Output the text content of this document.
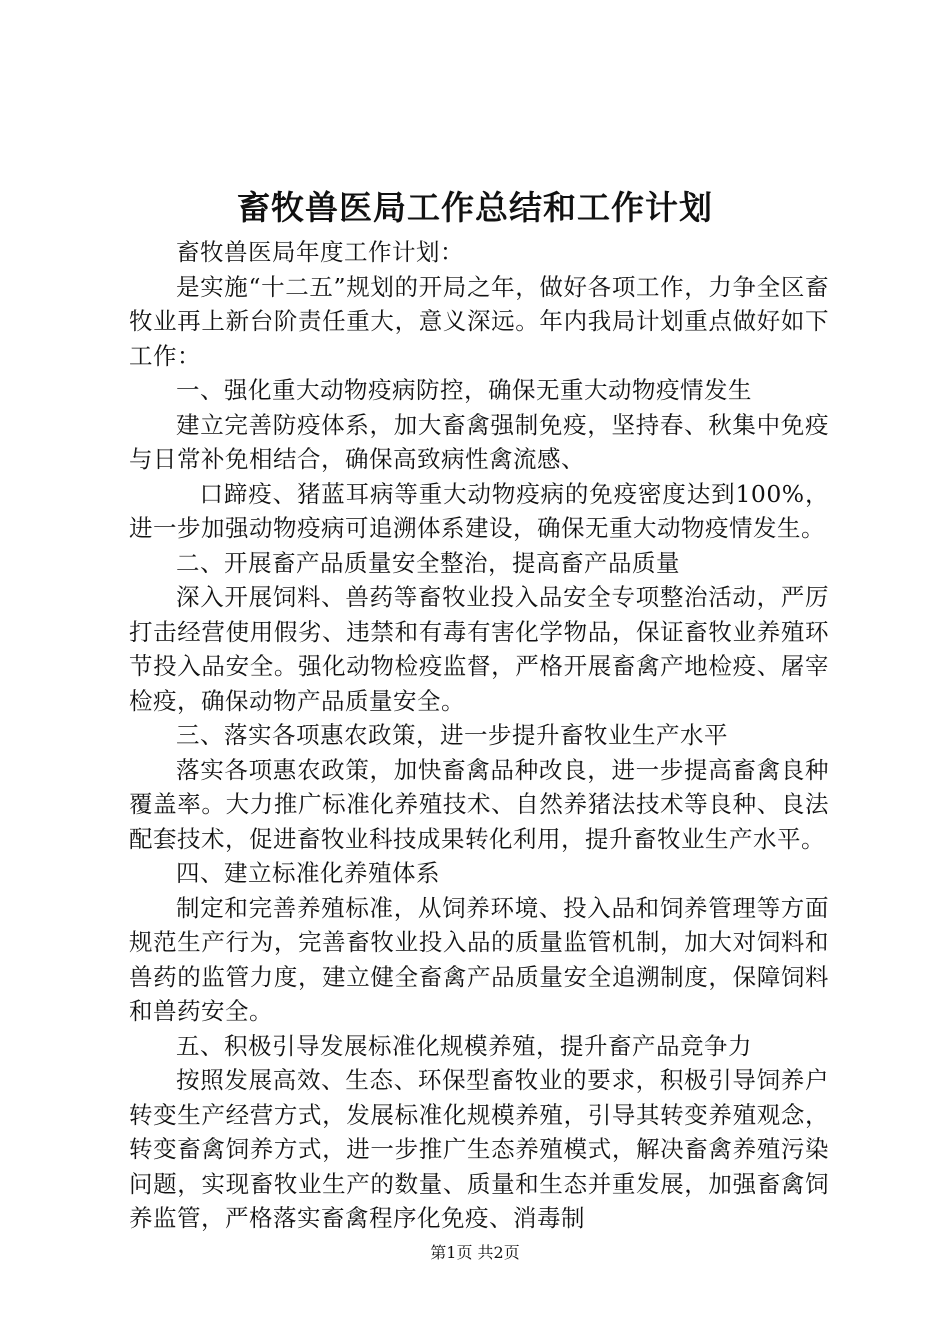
畜牧兽医局工作总结和工作计划

畜牧兽医局年度工作计划：

是实施“十二五”规划的开局之年，做好各项工作，力争全区畜牧业再上新台阶责任重大，意义深远。年内我局计划重点做好如下工作：

一、强化重大动物疫病防控，确保无重大动物疫情发生

建立完善防疫体系，加大畜禽强制免疫，坚持春、秋集中免疫与日常补免相结合，确保高致病性禽流感、

口蹄疫、猪蓝耳病等重大动物疫病的免疫密度达到100%，进一步加强动物疫病可追溯体系建设，确保无重大动物疫情发生。

二、开展畜产品质量安全整治，提高畜产品质量

深入开展饲料、兽药等畜牧业投入品安全专项整治活动，严厉打击经营使用假劣、违禁和有毒有害化学物品，保证畜牧业养殖环节投入品安全。强化动物检疫监督，严格开展畜禽产地检疫、屠宰检疫，确保动物产品质量安全。

三、落实各项惠农政策，进一步提升畜牧业生产水平

落实各项惠农政策，加快畜禽品种改良，进一步提高畜禽良种覆盖率。大力推广标准化养殖技术、自然养猪法技术等良种、良法配套技术，促进畜牧业科技成果转化利用，提升畜牧业生产水平。

四、建立标准化养殖体系

制定和完善养殖标准，从饲养环境、投入品和饲养管理等方面规范生产行为，完善畜牧业投入品的质量监管机制，加大对饲料和兽药的监管力度，建立健全畜禽产品质量安全追溯制度，保障饲料和兽药安全。

五、积极引导发展标准化规模养殖，提升畜产品竞争力

按照发展高效、生态、环保型畜牧业的要求，积极引导饲养户转变生产经营方式，发展标准化规模养殖，引导其转变养殖观念，转变畜禽饲养方式，进一步推广生态养殖模式，解决畜禽养殖污染问题，实现畜牧业生产的数量、质量和生态并重发展，加强畜禽饲养监管，严格落实畜禽程序化免疫、消毒制

第1页 共2页
